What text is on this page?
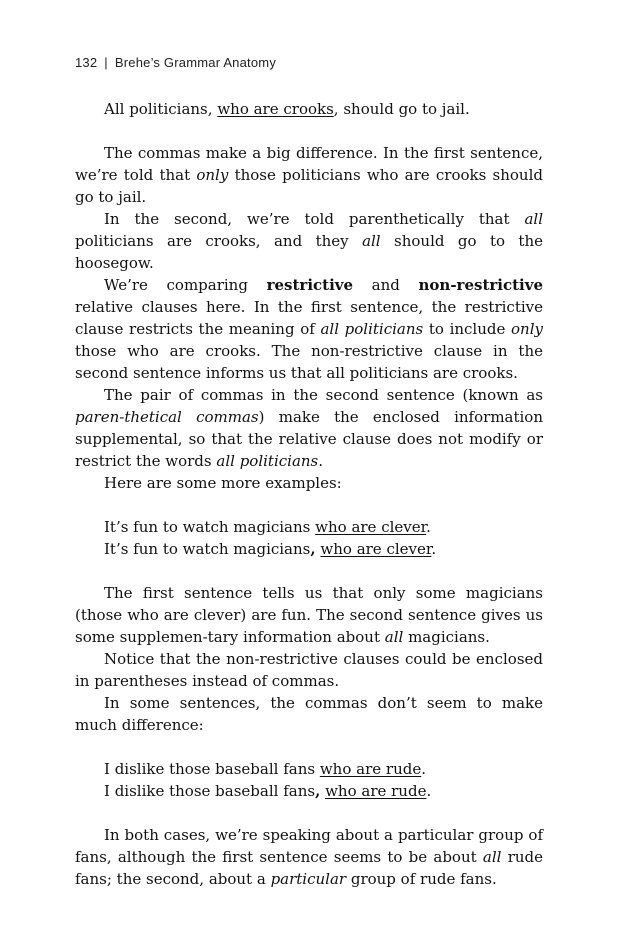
132 | Brehe’s Grammar Anatomy

All politicians, who are crooks, should go to jail.

The commas make a big difference. In the first sentence, we’re told that only those politicians who are crooks should go to jail.

In the second, we’re told parenthetically that all politicians are crooks, and they all should go to the hoosegow.

We’re comparing restrictive and non-restrictive relative clauses here. In the first sentence, the restrictive clause restricts the meaning of all politicians to include only those who are crooks. The non-restrictive clause in the second sentence informs us that all politicians are crooks.

The pair of commas in the second sentence (known as paren-thetical commas) make the enclosed information supplemental, so that the relative clause does not modify or restrict the words all politicians.

Here are some more examples:

It’s fun to watch magicians who are clever.

It’s fun to watch magicians, who are clever.

The first sentence tells us that only some magicians (those who are clever) are fun. The second sentence gives us some supplemen-tary information about all magicians.

Notice that the non-restrictive clauses could be enclosed in parentheses instead of commas.

In some sentences, the commas don’t seem to make much difference:

I dislike those baseball fans who are rude.

I dislike those baseball fans, who are rude.

In both cases, we’re speaking about a particular group of fans, although the first sentence seems to be about all rude fans; the second, about a particular group of rude fans.
